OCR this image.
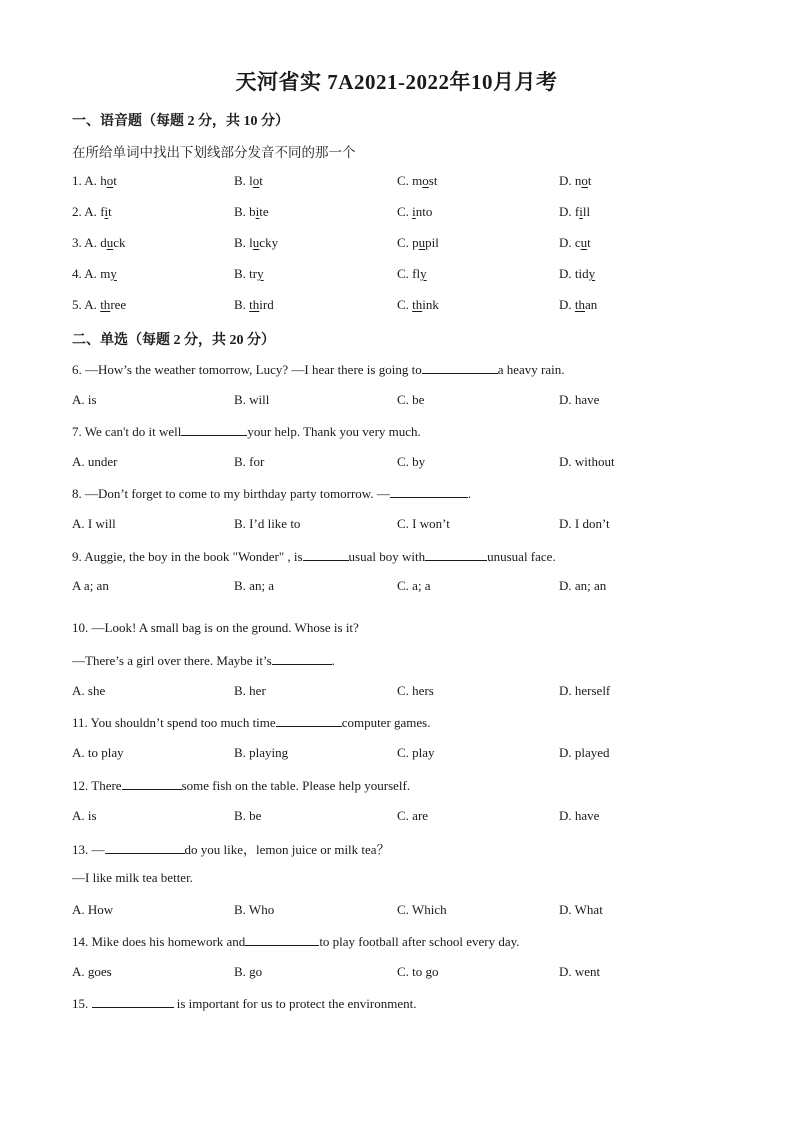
天河省实 7A2021-2022年10月月考
一、语音题（每题 2 分，共 10 分）
在所给单词中找出下划线部分发音不同的那一个
1. A. hot	B. lot	C. most	D. not
2. A. fit	B. bite	C. into	D. fill
3. A. duck	B. lucky	C. pupil	D. cut
4. A. my	B. try	C. fly	D. tidy
5. A. three	B. third	C. think	D. than
二、单选（每题 2 分，共 20 分）
6. —How’s the weather tomorrow, Lucy? —I hear there is going to	a heavy rain.
A. is	B. will	C. be	D. have
7. We can't do it well	your help. Thank you very much.
A. under	B. for	C. by	D. without
8. —Don’t forget to come to my birthday party tomorrow. —	.
A. I will	B. I’d like to	C. I won’t	D. I don’t
9. Auggie, the boy in the book "Wonder" , is	usual boy with	unusual face.
A a; an	B. an; a	C. a; a	D. an; an
10. —Look! A small bag is on the ground. Whose is it?
—There’s a girl over there. Maybe it’s	.
A. she	B. her	C. hers	D. herself
11. You shouldn’t spend too much time	computer games.
A. to play	B. playing	C. play	D. played
12. There	some fish on the table. Please help yourself.
A. is	B. be	C. are	D. have
13. —	do you like，lemon juice or milk tea？
—I like milk tea better.
A. How	B. Who	C. Which	D. What
14. Mike does his homework and	to play football after school every day.
A. goes	B. go	C. to go	D. went
15.	is important for us to protect the environment.
